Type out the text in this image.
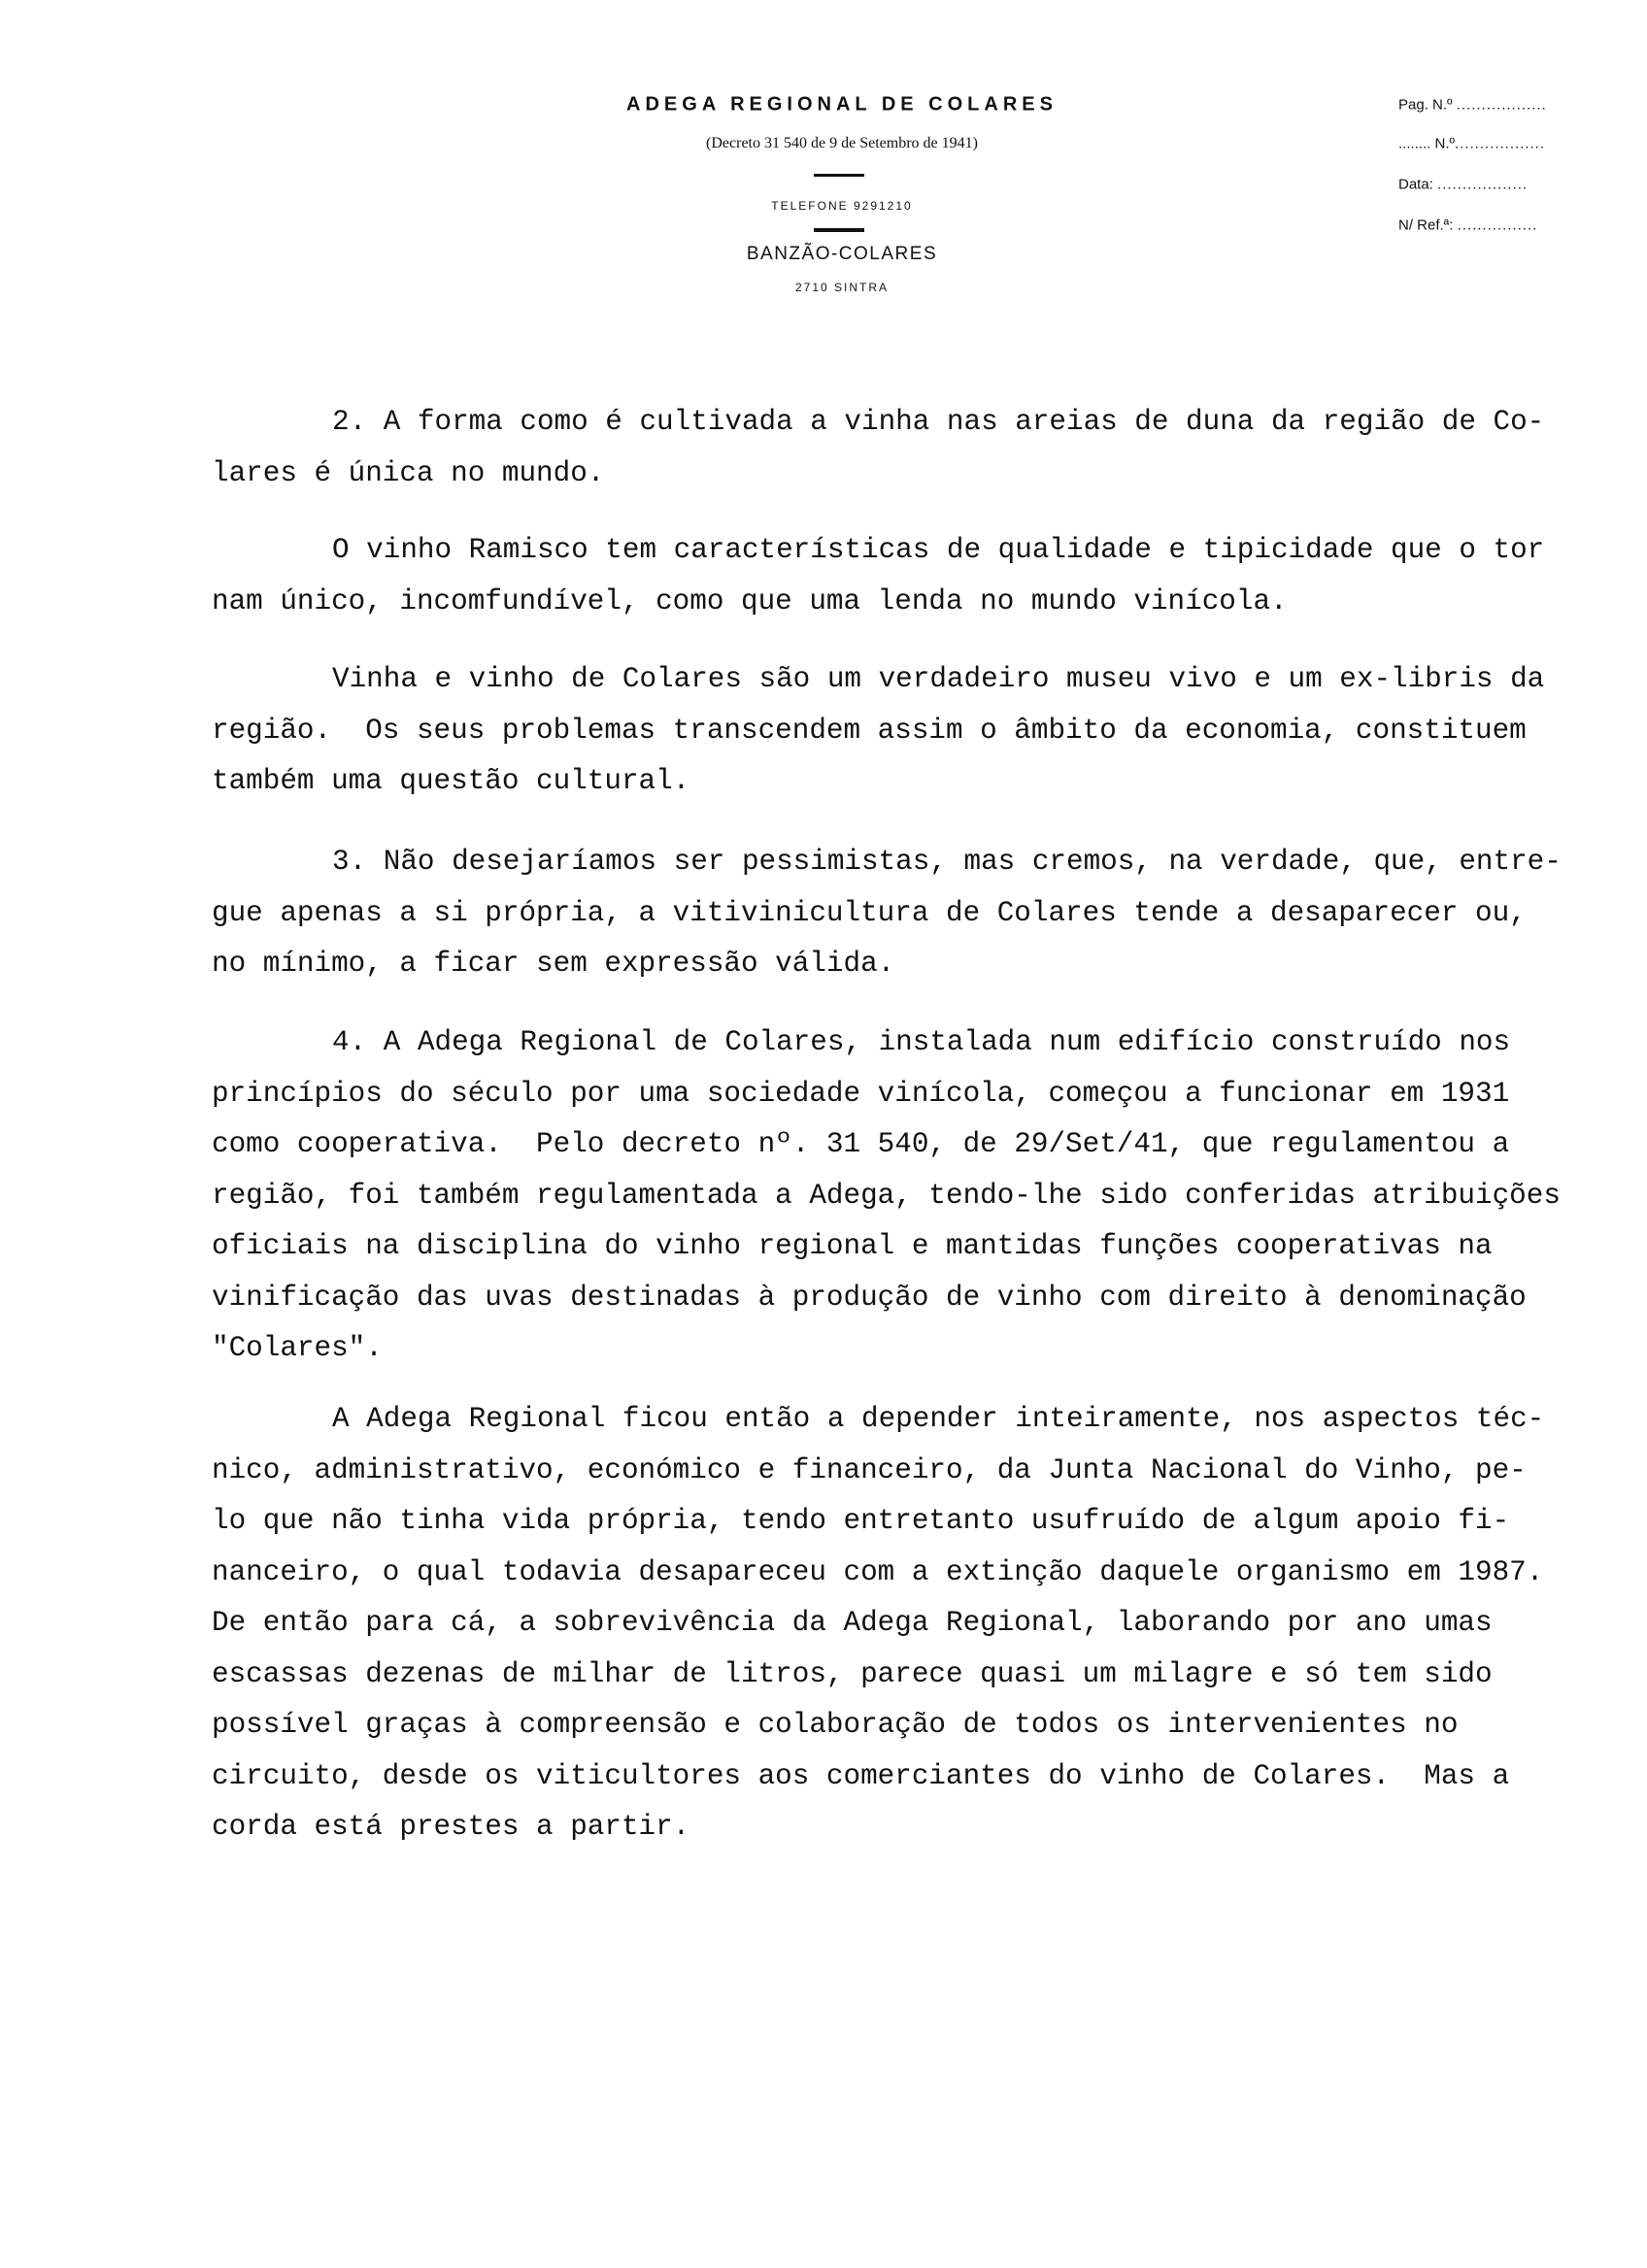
ADEGA REGIONAL DE COLARES
(Decreto 31 540 de 9 de Setembro de 1941)
TELEFONE 9291210
BANZÃO-COLARES
2710 SINTRA
Pag. N.º ..................
........ N.º..................
Data: ..................
N/ Ref.ª: ................
2. A forma como é cultivada a vinha nas areias de duna da região de Co-
lares é única no mundo.
O vinho Ramisco tem características de qualidade e tipicidade que o tor
nam único, incomfundível, como que uma lenda no mundo vinícola.
Vinha e vinho de Colares são um verdadeiro museu vivo e um ex-libris da
região.  Os seus problemas transcendem assim o âmbito da economia, constituem
também uma questão cultural.
3. Não desejaríamos ser pessimistas, mas cremos, na verdade, que, entre-
gue apenas a si própria, a vitivinicultura de Colares tende a desaparecer ou,
no mínimo, a ficar sem expressão válida.
4. A Adega Regional de Colares, instalada num edifício construído nos
princípios do século por uma sociedade vinícola, começou a funcionar em 1931
como cooperativa.  Pelo decreto nº. 31 540, de 29/Set/41, que regulamentou a
região, foi também regulamentada a Adega, tendo-lhe sido conferidas atribuições
oficiais na disciplina do vinho regional e mantidas funções cooperativas na
vinificação das uvas destinadas à produção de vinho com direito à denominação
"Colares".
A Adega Regional ficou então a depender inteiramente, nos aspectos téc-
nico, administrativo, económico e financeiro, da Junta Nacional do Vinho, pe-
lo que não tinha vida própria, tendo entretanto usufruído de algum apoio fi-
nanceiro, o qual todavia desapareceu com a extinção daquele organismo em 1987.
De então para cá, a sobrevivência da Adega Regional, laborando por ano umas
escassas dezenas de milhar de litros, parece quasi um milagre e só tem sido
possível graças à compreensão e colaboração de todos os intervenientes no
circuito, desde os viticultores aos comerciantes do vinho de Colares.  Mas a
corda está prestes a partir.
